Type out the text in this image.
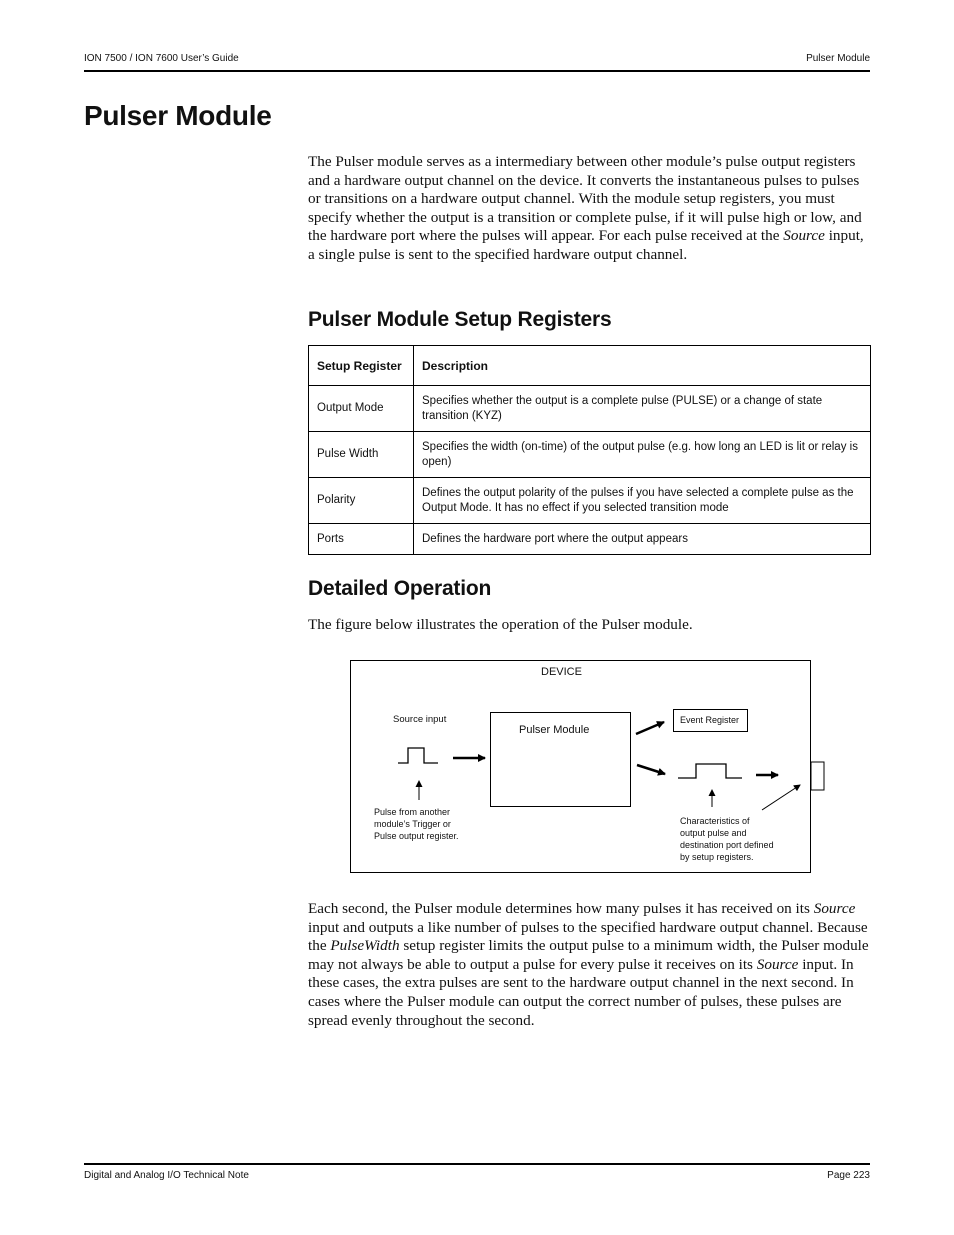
ION 7500 / ION 7600 User’s Guide	Pulser Module
Pulser Module

The Pulser module serves as a intermediary between other module’s pulse output registers and a hardware output channel on the device. It converts the instantaneous pulses to pulses or transitions on a hardware output channel. With the module setup registers, you must specify whether the output is a transition or complete pulse, if it will pulse high or low, and the hardware port where the pulses will appear. For each pulse received at the Source input, a single pulse is sent to the specified hardware output channel.

Pulser Module Setup Registers
Setup Register	Description
Output Mode	Specifies whether the output is a complete pulse (PULSE) or a change of state transition (KYZ)
Pulse Width	Specifies the width (on-time) of the output pulse (e.g. how long an LED is lit or relay is open)
Polarity	Defines the output polarity of the pulses if you have selected a complete pulse as the Output Mode. It has no effect if you selected transition mode
Ports	Defines the hardware port where the output appears
Detailed Operation

The figure below illustrates the operation of the Pulser module.

DEVICE
Source input
Pulser Module
Event Register
Pulse from another
module’s Trigger or
Pulse output register.
Characteristics of
output pulse and
destination port defined
by setup registers.

Each second, the Pulser module determines how many pulses it has received on its Source input and outputs a like number of pulses to the specified hardware output channel. Because the PulseWidth setup register limits the output pulse to a minimum width, the Pulser module may not always be able to output a pulse for every pulse it receives on its Source input. In these cases, the extra pulses are sent to the hardware output channel in the next second. In cases where the Pulser module can output the correct number of pulses, these pulses are spread evenly throughout the second.

Digital and Analog I/O Technical Note	Page 223
